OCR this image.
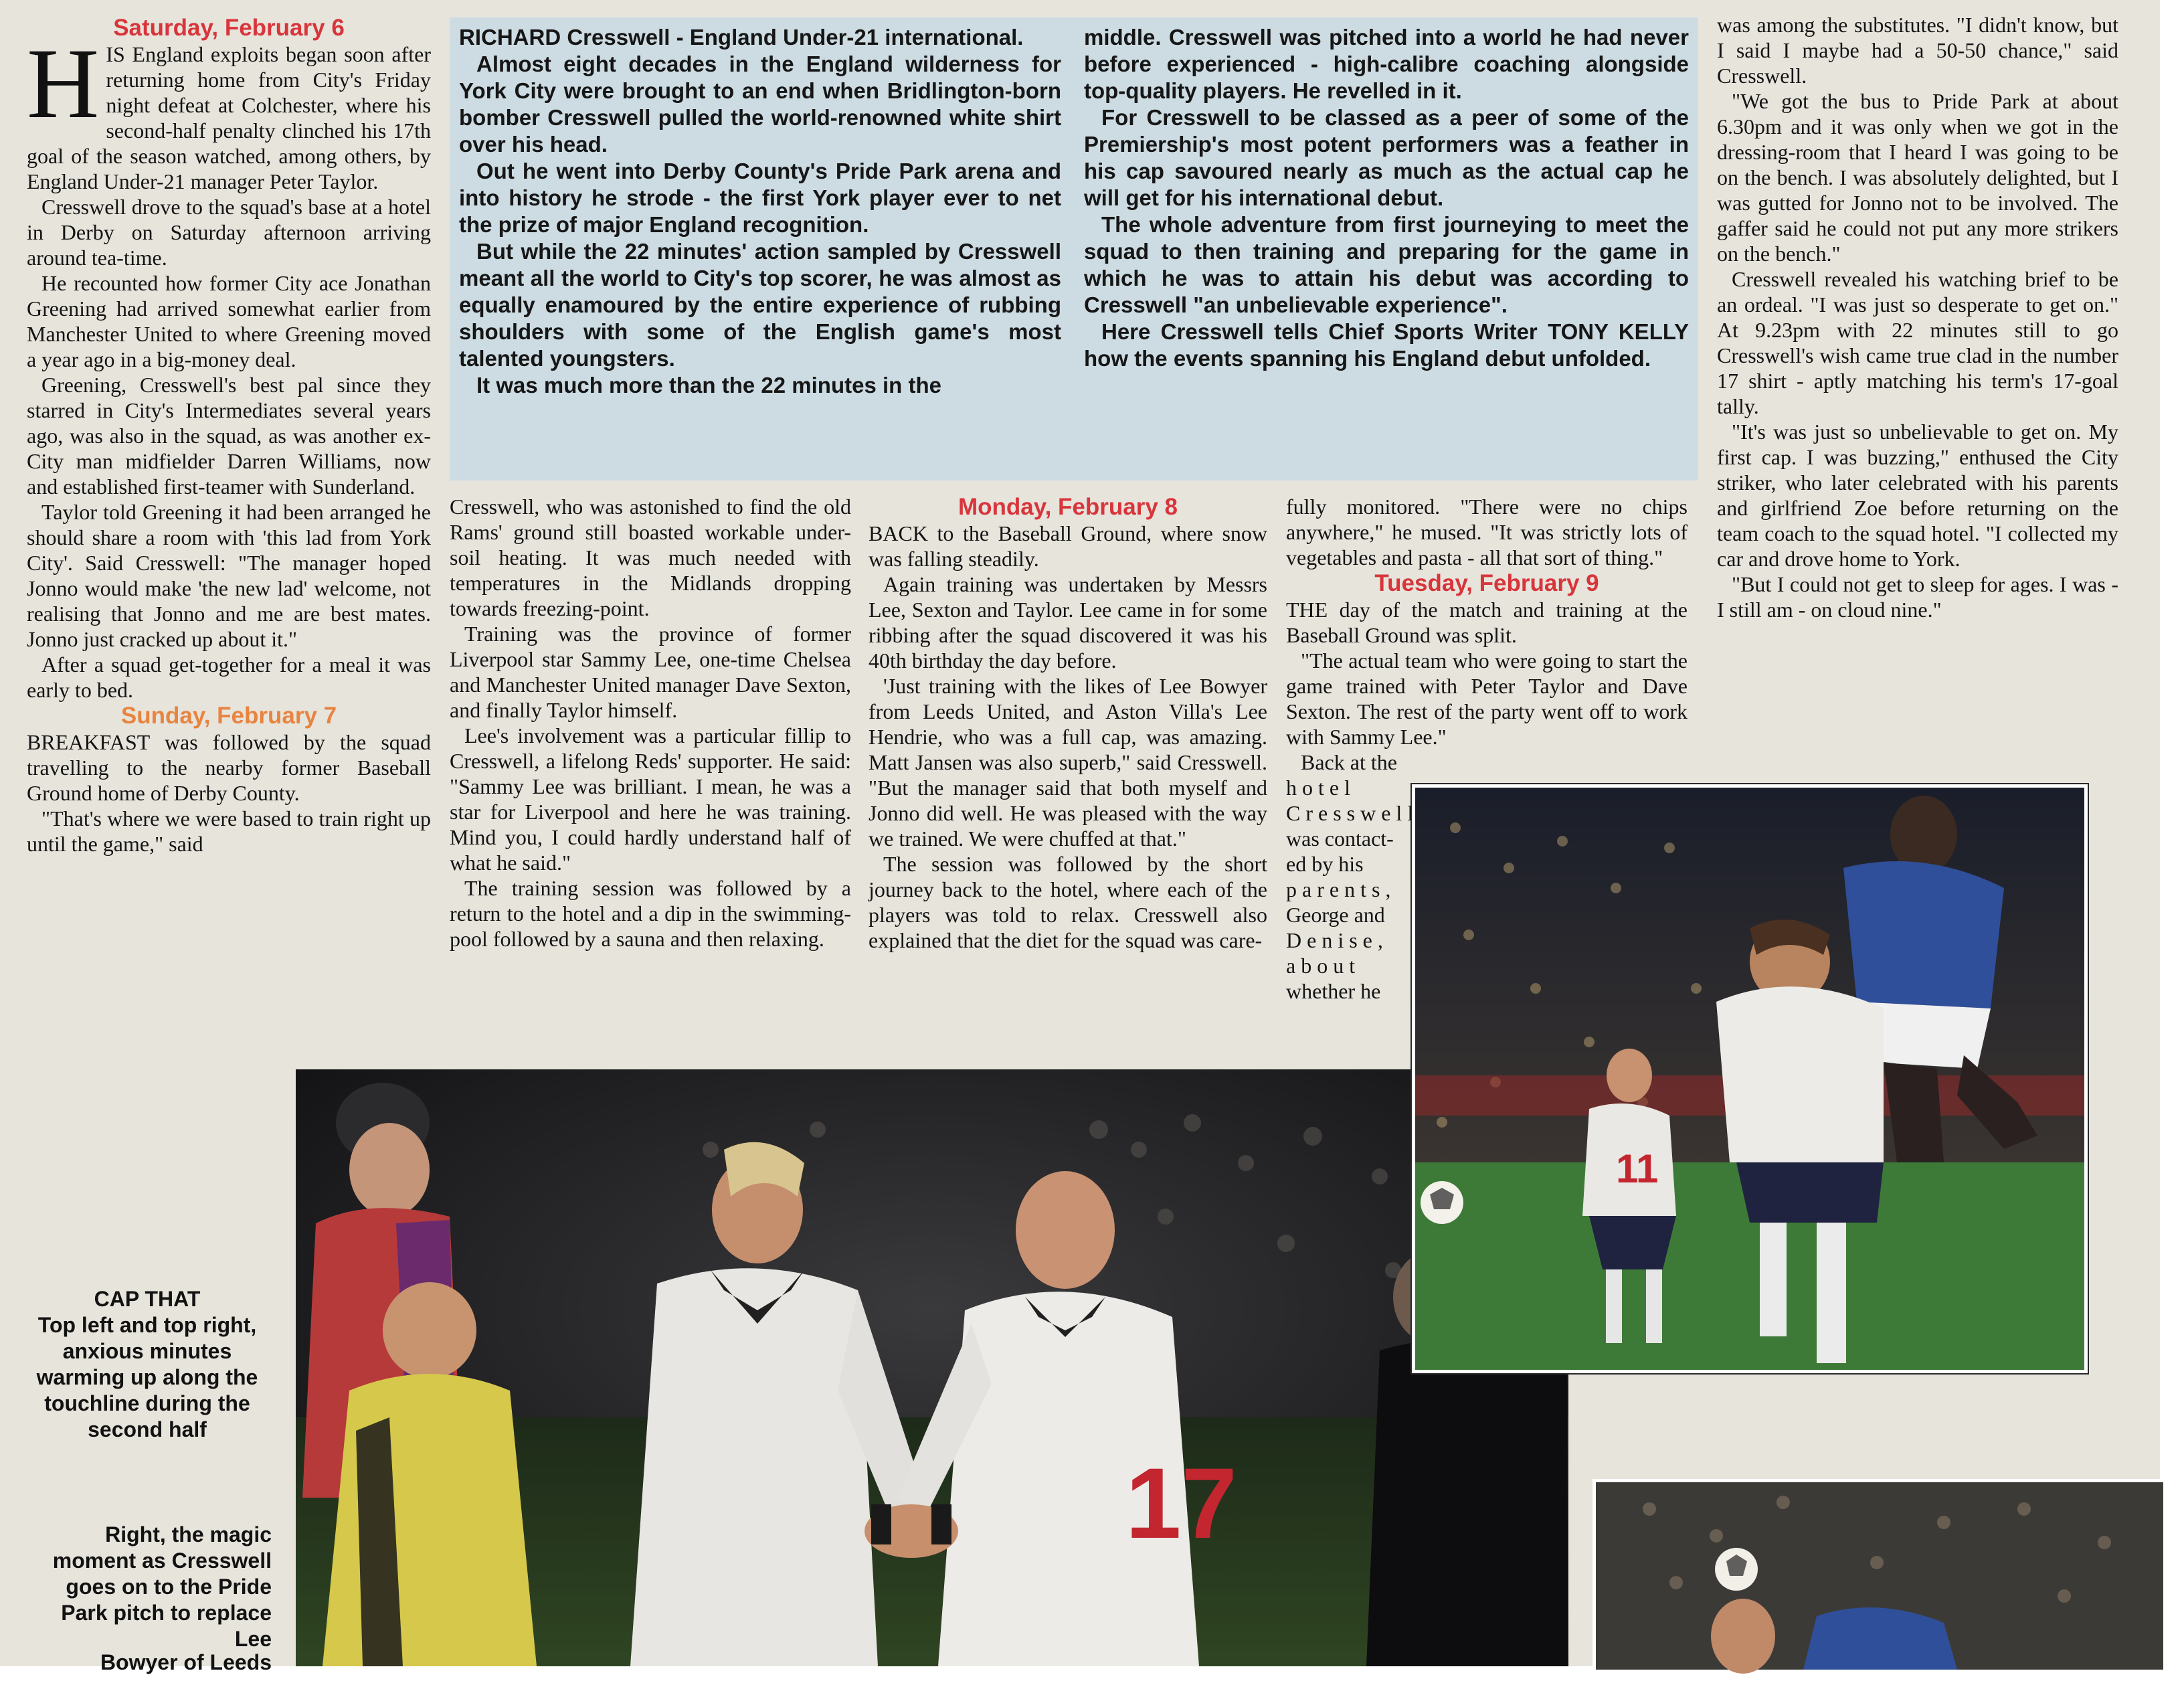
Saturday, February 6

HIS England exploits began soon after returning home from City's Friday night defeat at Colchester, where his second-half penalty clinched his 17th goal of the season watched, among others, by England Under-21 manager Peter Taylor.

Cresswell drove to the squad's base at a hotel in Derby on Saturday afternoon arriving around tea-time.

He recounted how former City ace Jonathan Greening had arrived somewhat earlier from Manchester United to where Greening moved a year ago in a big-money deal.

Greening, Cresswell's best pal since they starred in City's Intermediates several years ago, was also in the squad, as was another ex-City man midfielder Darren Williams, now and established first-teamer with Sunderland.

Taylor told Greening it had been arranged he should share a room with 'this lad from York City'. Said Cresswell: "The manager hoped Jonno would make 'the new lad' welcome, not realising that Jonno and me are best mates. Jonno just cracked up about it."

After a squad get-together for a meal it was early to bed.

Sunday, February 7

BREAKFAST was followed by the squad travelling to the nearby former Baseball Ground home of Derby County.

"That's where we were based to train right up until the game," said

RICHARD Cresswell - England Under-21 international.

Almost eight decades in the England wilderness for York City were brought to an end when Bridlington-born bomber Cresswell pulled the world-renowned white shirt over his head.

Out he went into Derby County's Pride Park arena and into history he strode - the first York player ever to net the prize of major England recognition.

But while the 22 minutes' action sampled by Cresswell meant all the world to City's top scorer, he was almost as equally enamoured by the entire experience of rubbing shoulders with some of the English game's most talented youngsters.

It was much more than the 22 minutes in the

middle. Cresswell was pitched into a world he had never before experienced - high-calibre coaching alongside top-quality players. He revelled in it.

For Cresswell to be classed as a peer of some of the Premiership's most potent performers was a feather in his cap savoured nearly as much as the actual cap he will get for his international debut.

The whole adventure from first journeying to meet the squad to then training and preparing for the game in which he was to attain his debut was according to Cresswell "an unbelievable experience".

Here Cresswell tells Chief Sports Writer TONY KELLY how the events spanning his England debut unfolded.

Cresswell, who was astonished to find the old Rams' ground still boasted workable under-soil heating. It was much needed with temperatures in the Midlands dropping towards freezing-point.

Training was the province of former Liverpool star Sammy Lee, one-time Chelsea and Manchester United manager Dave Sexton, and finally Taylor himself.

Lee's involvement was a particular fillip to Cresswell, a lifelong Reds' supporter. He said: "Sammy Lee was brilliant. I mean, he was a star for Liverpool and here he was training. Mind you, I could hardly understand half of what he said."

The training session was followed by a return to the hotel and a dip in the swimming-pool followed by a sauna and then relaxing.

Monday, February 8

BACK to the Baseball Ground, where snow was falling steadily.

Again training was undertaken by Messrs Lee, Sexton and Taylor. Lee came in for some ribbing after the squad discovered it was his 40th birthday the day before.

'Just training with the likes of Lee Bowyer from Leeds United, and Aston Villa's Lee Hendrie, who was a full cap, was amazing. Matt Jansen was also superb," said Cresswell. "But the manager said that both myself and Jonno did well. He was pleased with the way we trained. We were chuffed at that."

The session was followed by the short journey back to the hotel, where each of the players was told to relax. Cresswell also explained that the diet for the squad was care-

fully monitored. "There were no chips anywhere," he mused. "It was strictly lots of vegetables and pasta - all that sort of thing."

Tuesday, February 9

THE day of the match and training at the Baseball Ground was split.

"The actual team who were going to start the game trained with Peter Taylor and Dave Sexton. The rest of the party went off to work with Sammy Lee."

Back at the
h o t e l
C r e s s w e l l
was contact-
ed by his
p a r e n t s ,
George and
D e n i s e ,
a b o u t
whether he

was among the substitutes. "I didn't know, but I said I maybe had a 50-50 chance," said Cresswell.

"We got the bus to Pride Park at about 6.30pm and it was only when we got in the dressing-room that I heard I was going to be on the bench. I was absolutely delighted, but I was gutted for Jonno not to be involved. The gaffer said he could not put any more strikers on the bench."

Cresswell revealed his watching brief to be an ordeal. "I was just so desperate to get on." At 9.23pm with 22 minutes still to go Cresswell's wish came true clad in the number 17 shirt - aptly matching his term's 17-goal tally.

"It's was just so unbelievable to get on. My first cap. I was buzzing," enthused the City striker, who later celebrated with his parents and girlfriend Zoe before returning on the team coach to the squad hotel. "I collected my car and drove home to York.

"But I could not get to sleep for ages. I was - I still am - on cloud nine."

17
11

CAP THAT

Top left and top right, anxious minutes warming up along the touchline during the second half

Right, the magic moment as Cresswell goes on to the Pride Park pitch to replace Lee

Bowyer of Leeds
